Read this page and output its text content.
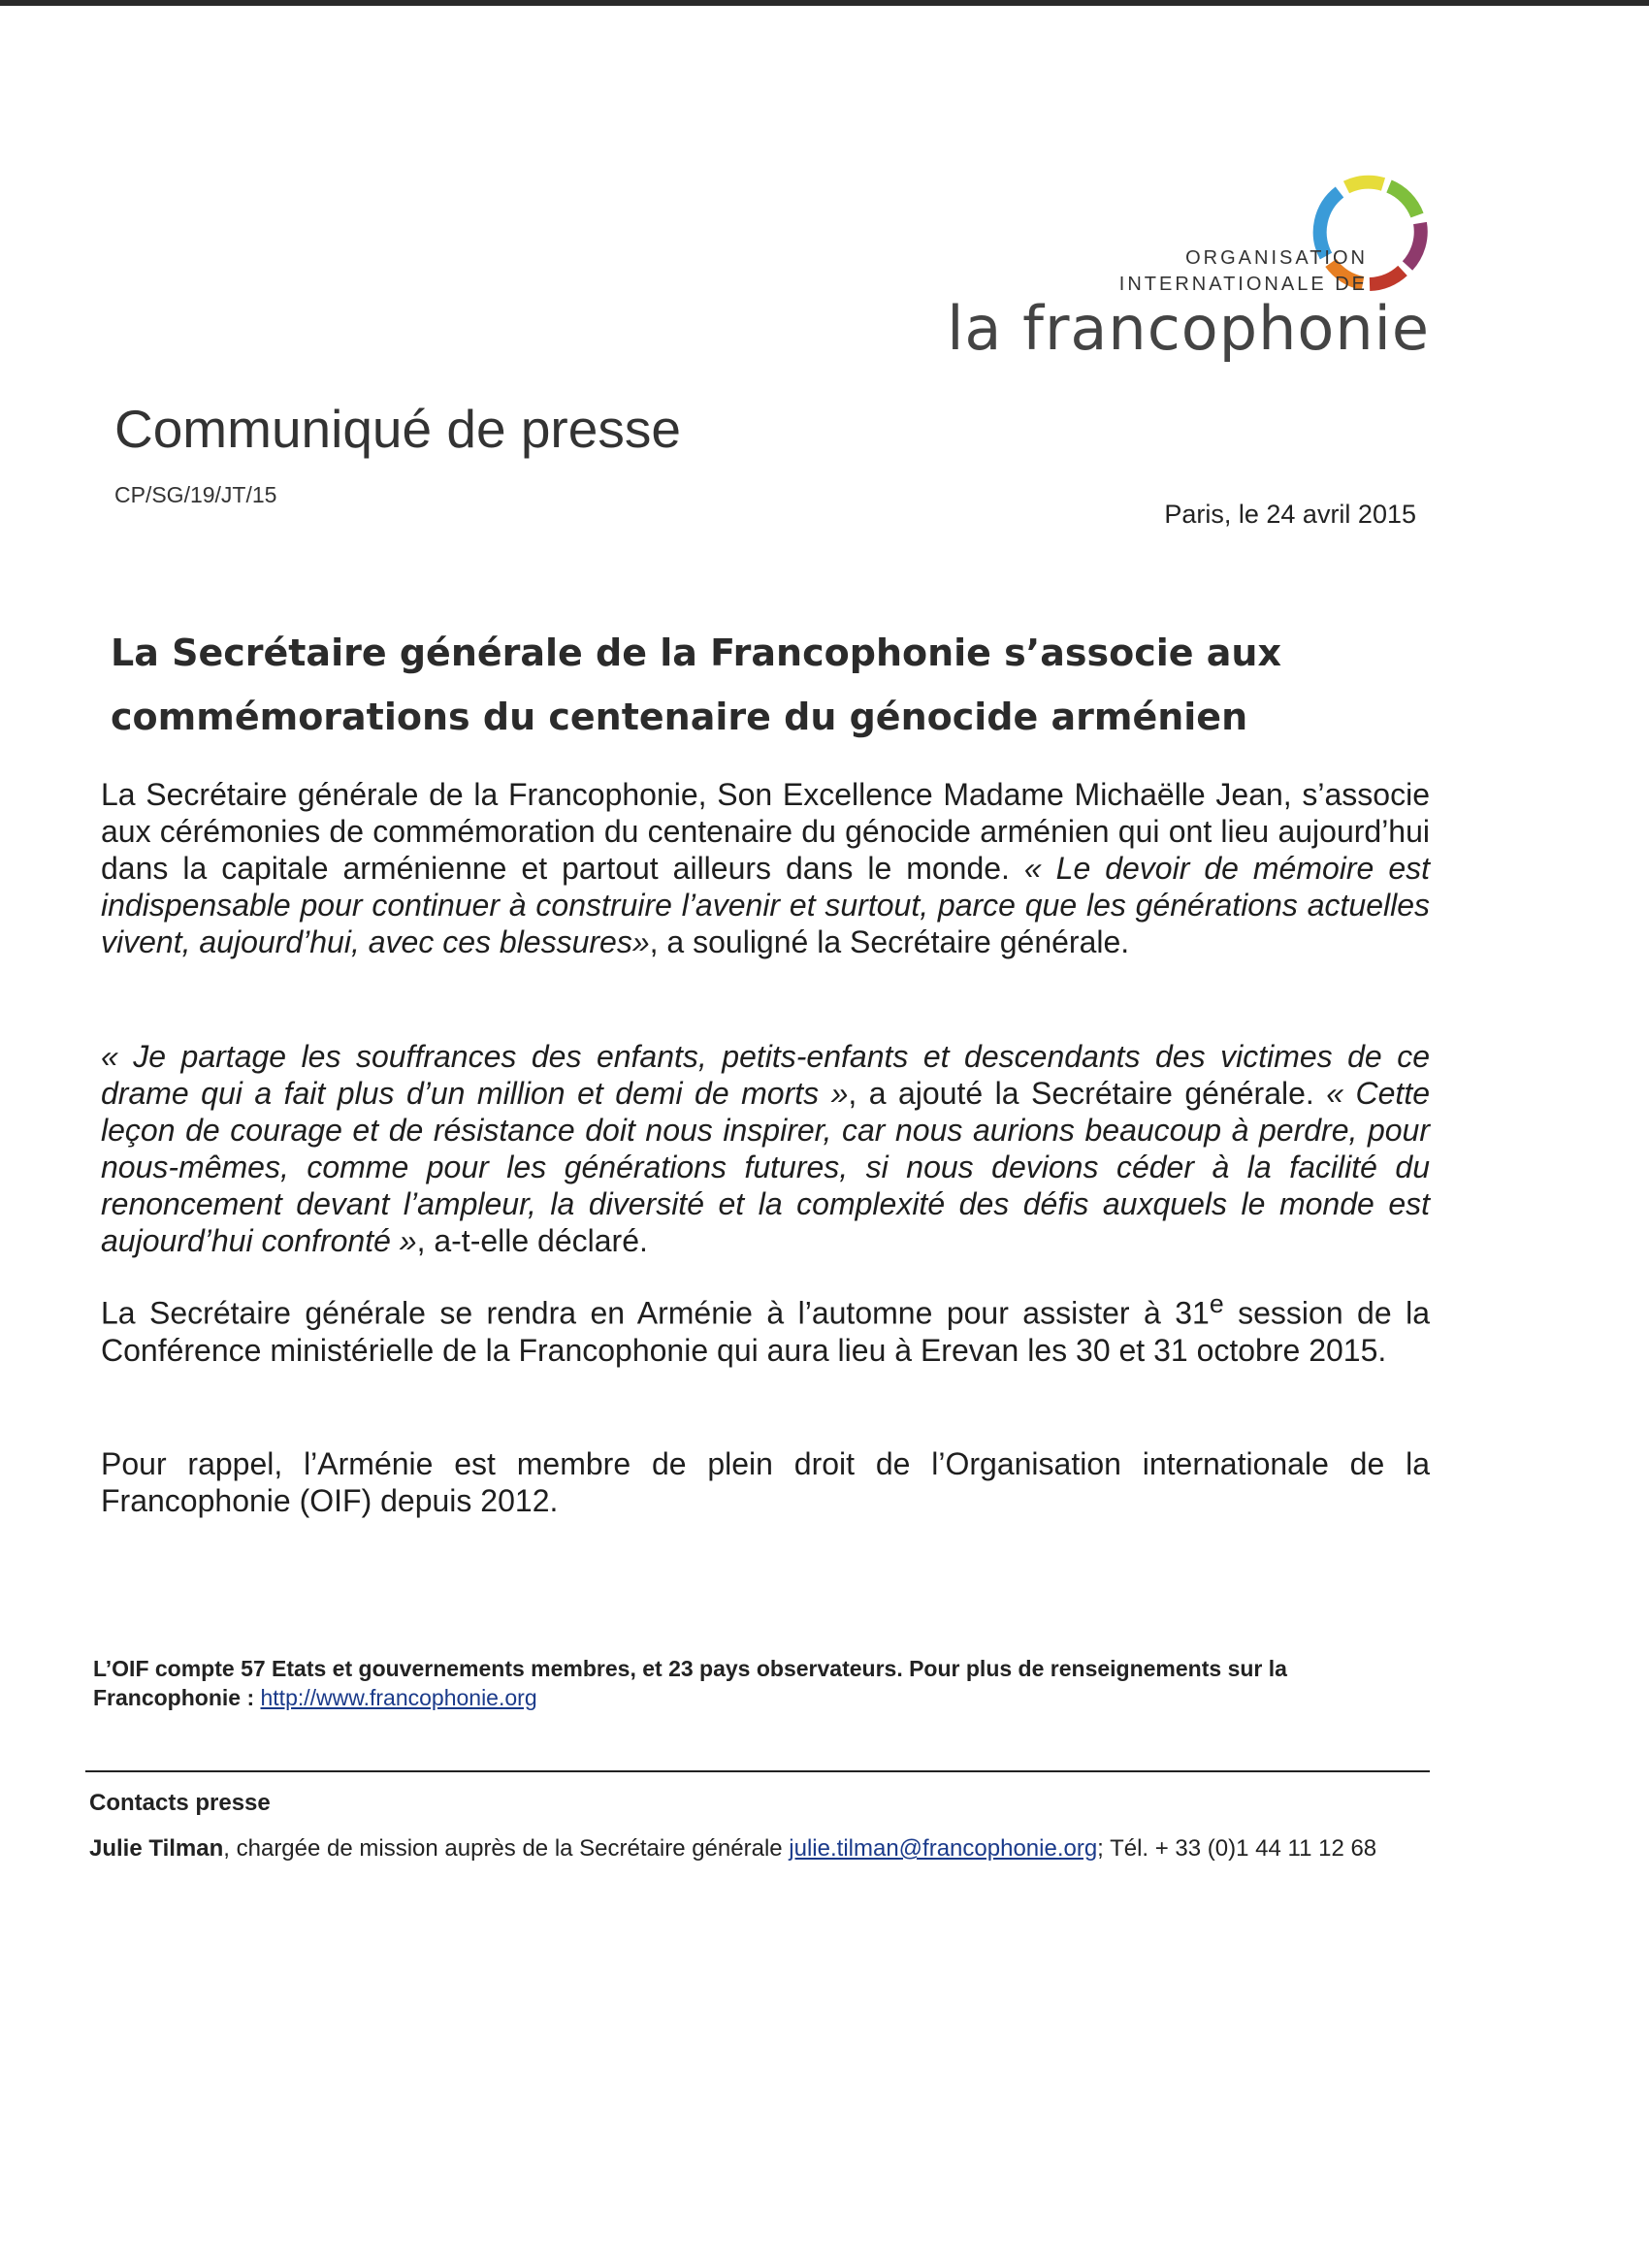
ORGANISATION
INTERNATIONALE DE
la francophonie
Communiqué de presse
CP/SG/19/JT/15
Paris, le 24 avril 2015
La Secrétaire générale de la Francophonie s’associe aux commémorations du centenaire du génocide arménien
La Secrétaire générale de la Francophonie, Son Excellence Madame Michaëlle Jean, s’associe aux cérémonies de commémoration du centenaire du génocide arménien qui ont lieu aujourd’hui dans la capitale arménienne et partout ailleurs dans le monde. « Le devoir de mémoire est indispensable pour continuer à construire l’avenir et surtout, parce que les générations actuelles vivent, aujourd’hui, avec ces blessures», a souligné la Secrétaire générale.
« Je partage les souffrances des enfants, petits-enfants et descendants des victimes de ce drame qui a fait plus d’un million et demi de morts », a ajouté la Secrétaire générale. « Cette leçon de courage et de résistance doit nous inspirer, car nous aurions beaucoup à perdre, pour nous-mêmes, comme pour les générations futures, si nous devions céder à la facilité du renoncement devant l’ampleur, la diversité et la complexité des défis auxquels le monde est aujourd’hui confronté », a-t-elle déclaré.
La Secrétaire générale se rendra en Arménie à l’automne pour assister à 31e session de la Conférence ministérielle de la Francophonie qui aura lieu à Erevan les 30 et 31 octobre 2015.
Pour rappel, l’Arménie est membre de plein droit de l’Organisation internationale de la Francophonie (OIF) depuis 2012.
L’OIF compte 57 Etats et gouvernements membres, et 23 pays observateurs. Pour plus de renseignements sur la Francophonie : http://www.francophonie.org
Contacts presse
Julie Tilman, chargée de mission auprès de la Secrétaire générale julie.tilman@francophonie.org; Tél. + 33 (0)1 44 11 12 68
